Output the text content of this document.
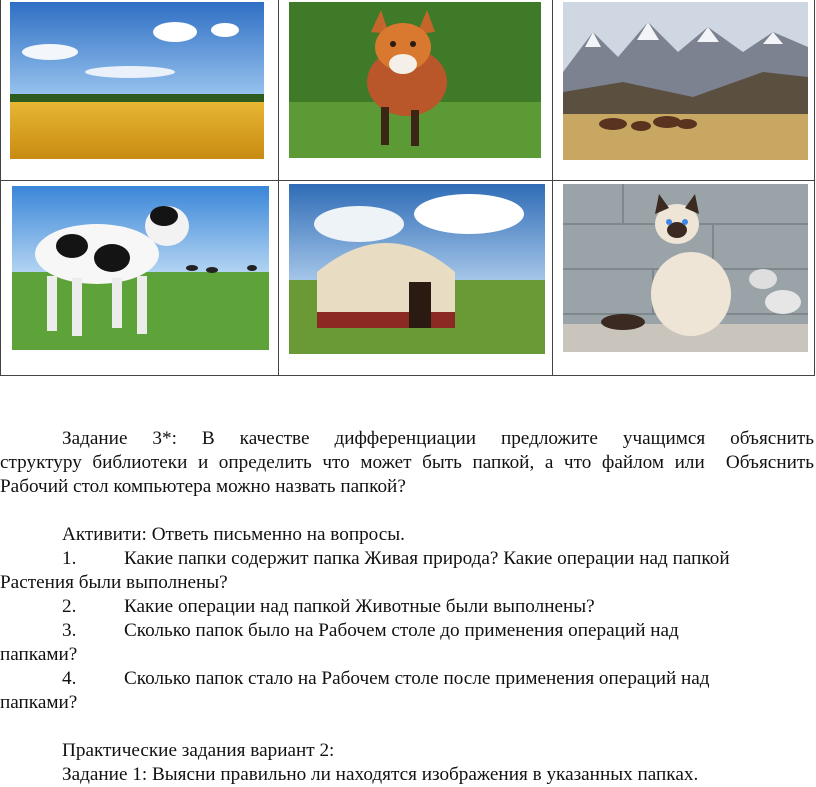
Задание 3*: В качестве дифференциации предложите учащимся объяснить
структуру библиотеки и определить что может быть папкой, а что файлом или  Объяснить
Рабочий стол компьютера можно назвать папкой?
Активити: Ответь письменно на вопросы.
1. Какие папки содержит папка Живая природа? Какие операции над папкой
Растения были выполнены?
2. Какие операции над папкой Животные были выполнены?
3. Сколько папок было на Рабочем столе до применения операций над
папками?
4. Сколько папок стало на Рабочем столе после применения операций над
папками?
Практические задания вариант 2:
Задание 1: Выясни правильно ли находятся изображения в указанных папках.
